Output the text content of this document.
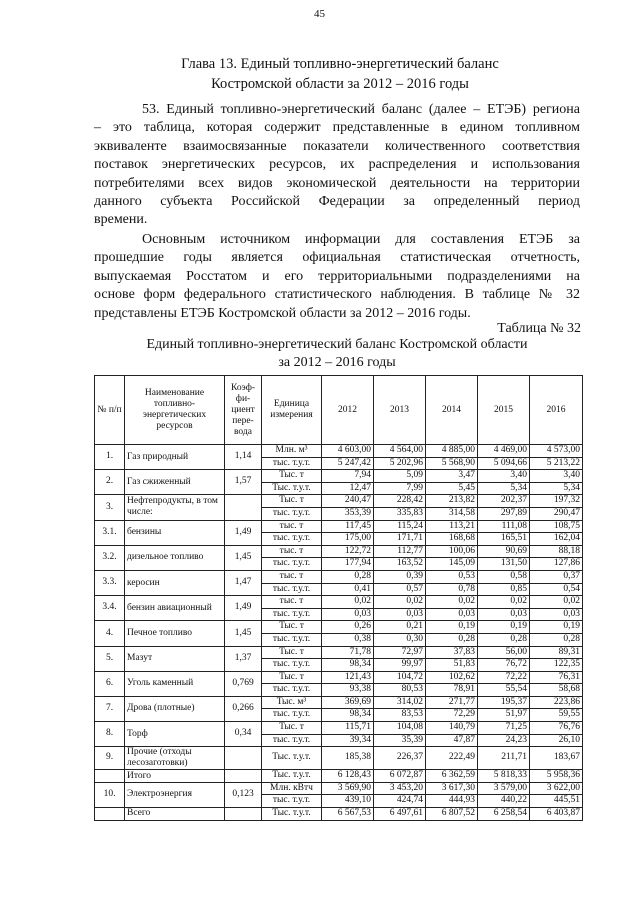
45
Глава 13. Единый топливно-энергетический баланс
Костромской области за 2012 – 2016 годы
53. Единый топливно-энергетический баланс (далее – ЕТЭБ) региона
– это таблица, которая содержит представленные в едином топливном
эквиваленте взаимосвязанные показатели количественного соответствия
поставок энергетических ресурсов, их распределения и использования
потребителями всех видов экономической деятельности на территории
данного субъекта Российской Федерации за определенный период
времени.
Основным источником информации для составления ЕТЭБ за
прошедшие годы является официальная статистическая отчетность,
выпускаемая Росстатом и его территориальными подразделениями на
основе форм федерального статистического наблюдения. В таблице № 32
представлены ЕТЭБ Костромской области за 2012 – 2016 годы.
Таблица № 32
Единый топливно-энергетический баланс Костромской области
за 2012 – 2016 годы
№ п/п	Наименование топливно-энергетических ресурсов	Коэф-фи-циент пере-вода	Единица измерения	2012	2013	2014	2015	2016
1.	Газ природный	1,14	Млн. м³	4 603,00	4 564,00	4 885,00	4 469,00	4 573,00
			тыс. т.у.т.	5 247,42	5 202,96	5 568,90	5 094,66	5 213,22
2.	Газ сжиженный	1,57	Тыс. т	7,94	5,09	3,47	3,40	3,40
			Тыс. т.у.т.	12,47	7,99	5,45	5,34	5,34
3.	Нефтепродукты, в том числе:		Тыс. т	240,47	228,42	213,82	202,37	197,32
			тыс. т.у.т.	353,39	335,83	314,58	297,89	290,47
3.1.	бензины	1,49	тыс. т	117,45	115,24	113,21	111,08	108,75
			тыс. т.у.т.	175,00	171,71	168,68	165,51	162,04
3.2.	дизельное топливо	1,45	тыс. т	122,72	112,77	100,06	90,69	88,18
			тыс. т.у.т.	177,94	163,52	145,09	131,50	127,86
3.3.	керосин	1,47	тыс. т	0,28	0,39	0,53	0,58	0,37
			тыс. т.у.т.	0,41	0,57	0,78	0,85	0,54
3.4.	бензин авиационный	1,49	тыс. т	0,02	0,02	0,02	0,02	0,02
			тыс. т.у.т.	0,03	0,03	0,03	0,03	0,03
4.	Печное топливо	1,45	Тыс. т	0,26	0,21	0,19	0,19	0,19
			тыс. т.у.т.	0,38	0,30	0,28	0,28	0,28
5.	Мазут	1,37	Тыс. т	71,78	72,97	37,83	56,00	89,31
			тыс. т.у.т.	98,34	99,97	51,83	76,72	122,35
6.	Уголь каменный	0,769	Тыс. т	121,43	104,72	102,62	72,22	76,31
			тыс. т.у.т.	93,38	80,53	78,91	55,54	58,68
7.	Дрова (плотные)	0,266	Тыс. м³	369,69	314,02	271,77	195,37	223,86
			тыс. т.у.т.	98,34	83,53	72,29	51,97	59,55
8.	Торф	0,34	Тыс. т	115,71	104,08	140,79	71,25	76,76
			тыс. т.у.т.	39,34	35,39	47,87	24,23	26,10
9.	Прочие (отходы лесозаготовки)		Тыс. т.у.т.	185,38	226,37	222,49	211,71	183,67
	Итого		Тыс. т.у.т.	6 128,43	6 072,87	6 362,59	5 818,33	5 958,36
10.	Электроэнергия	0,123	Млн. кВтч	3 569,90	3 453,20	3 617,30	3 579,00	3 622,00
			тыс. т.у.т.	439,10	424,74	444,93	440,22	445,51
	Всего		Тыс. т.у.т.	6 567,53	6 497,61	6 807,52	6 258,54	6 403,87
